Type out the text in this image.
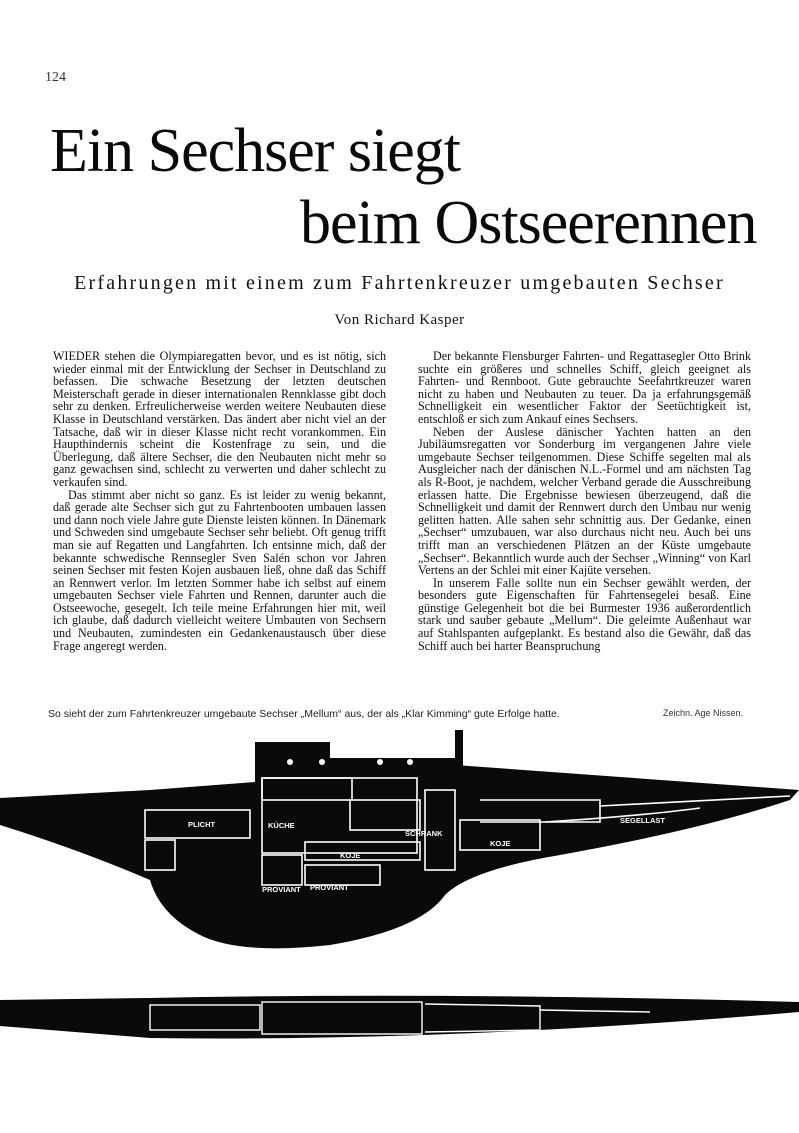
124
Ein Sechser siegt
beim Ostseerennen
Erfahrungen mit einem zum Fahrtenkreuzer umgebauten Sechser
Von Richard Kasper

WIEDER stehen die Olympiaregatten bevor, und es ist nötig, sich wieder einmal mit der Entwicklung der Sechser in Deutschland zu befassen. Die schwache Besetzung der letzten deutschen Meisterschaft gerade in dieser internationalen Rennklasse gibt doch sehr zu denken. Erfreulicherweise werden weitere Neubauten diese Klasse in Deutschland verstärken. Das ändert aber nicht viel an der Tatsache, daß wir in dieser Klasse nicht recht vorankommen. Ein Haupthindernis scheint die Kostenfrage zu sein, und die Überlegung, daß ältere Sechser, die den Neubauten nicht mehr so ganz gewachsen sind, schlecht zu verwerten und daher schlecht zu verkaufen sind.

Das stimmt aber nicht so ganz. Es ist leider zu wenig bekannt, daß gerade alte Sechser sich gut zu Fahrtenbooten umbauen lassen und dann noch viele Jahre gute Dienste leisten können. In Dänemark und Schweden sind umgebaute Sechser sehr beliebt. Oft genug trifft man sie auf Regatten und Langfahrten. Ich entsinne mich, daß der bekannte schwedische Rennsegler Sven Salén schon vor Jahren seinen Sechser mit festen Kojen ausbauen ließ, ohne daß das Schiff an Rennwert verlor. Im letzten Sommer habe ich selbst auf einem umgebauten Sechser viele Fahrten und Rennen, darunter auch die Ostseewoche, gesegelt. Ich teile meine Erfahrungen hier mit, weil ich glaube, daß dadurch vielleicht weitere Umbauten von Sechsern und Neubauten, zumindesten ein Gedankenaustausch über diese Frage angeregt werden.

Der bekannte Flensburger Fahrten- und Regattasegler Otto Brink suchte ein größeres und schnelles Schiff, gleich geeignet als Fahrten- und Rennboot. Gute gebrauchte Seefahrtkreuzer waren nicht zu haben und Neubauten zu teuer. Da ja erfahrungsgemäß Schnelligkeit ein wesentlicher Faktor der Seetüchtigkeit ist, entschloß er sich zum Ankauf eines Sechsers.

Neben der Auslese dänischer Yachten hatten an den Jubiläumsregatten vor Sonderburg im vergangenen Jahre viele umgebaute Sechser teilgenommen. Diese Schiffe segelten mal als Ausgleicher nach der dänischen N.L.-Formel und am nächsten Tag als R-Boot, je nachdem, welcher Verband gerade die Ausschreibung erlassen hatte. Die Ergebnisse bewiesen überzeugend, daß die Schnelligkeit und damit der Rennwert durch den Umbau nur wenig gelitten hatten. Alle sahen sehr schnittig aus. Der Gedanke, einen „Sechser“ umzubauen, war also durchaus nicht neu. Auch bei uns trifft man an verschiedenen Plätzen an der Küste umgebaute „Sechser“. Bekanntlich wurde auch der Sechser „Winning“ von Karl Vertens an der Schlei mit einer Kajüte versehen.

In unserem Falle sollte nun ein Sechser gewählt werden, der besonders gute Eigenschaften für Fahrtensegelei besaß. Eine günstige Gelegenheit bot die bei Burmester 1936 außerordentlich stark und sauber gebaute „Mellum“. Die geleimte Außenhaut war auf Stahlspanten aufgeplankt. Es bestand also die Gewähr, daß das Schiff auch bei harter Beanspruchung

So sieht der zum Fahrtenkreuzer umgebaute Sechser „Mellum“ aus, der als „Klar Kimming“ gute Erfolge hatte.	Zeichn. Age Nissen.
PLICHT	KÜCHE
KOJE
SCHRANK
KOJE
SEGELLAST
PROVIANT PROVIANT
